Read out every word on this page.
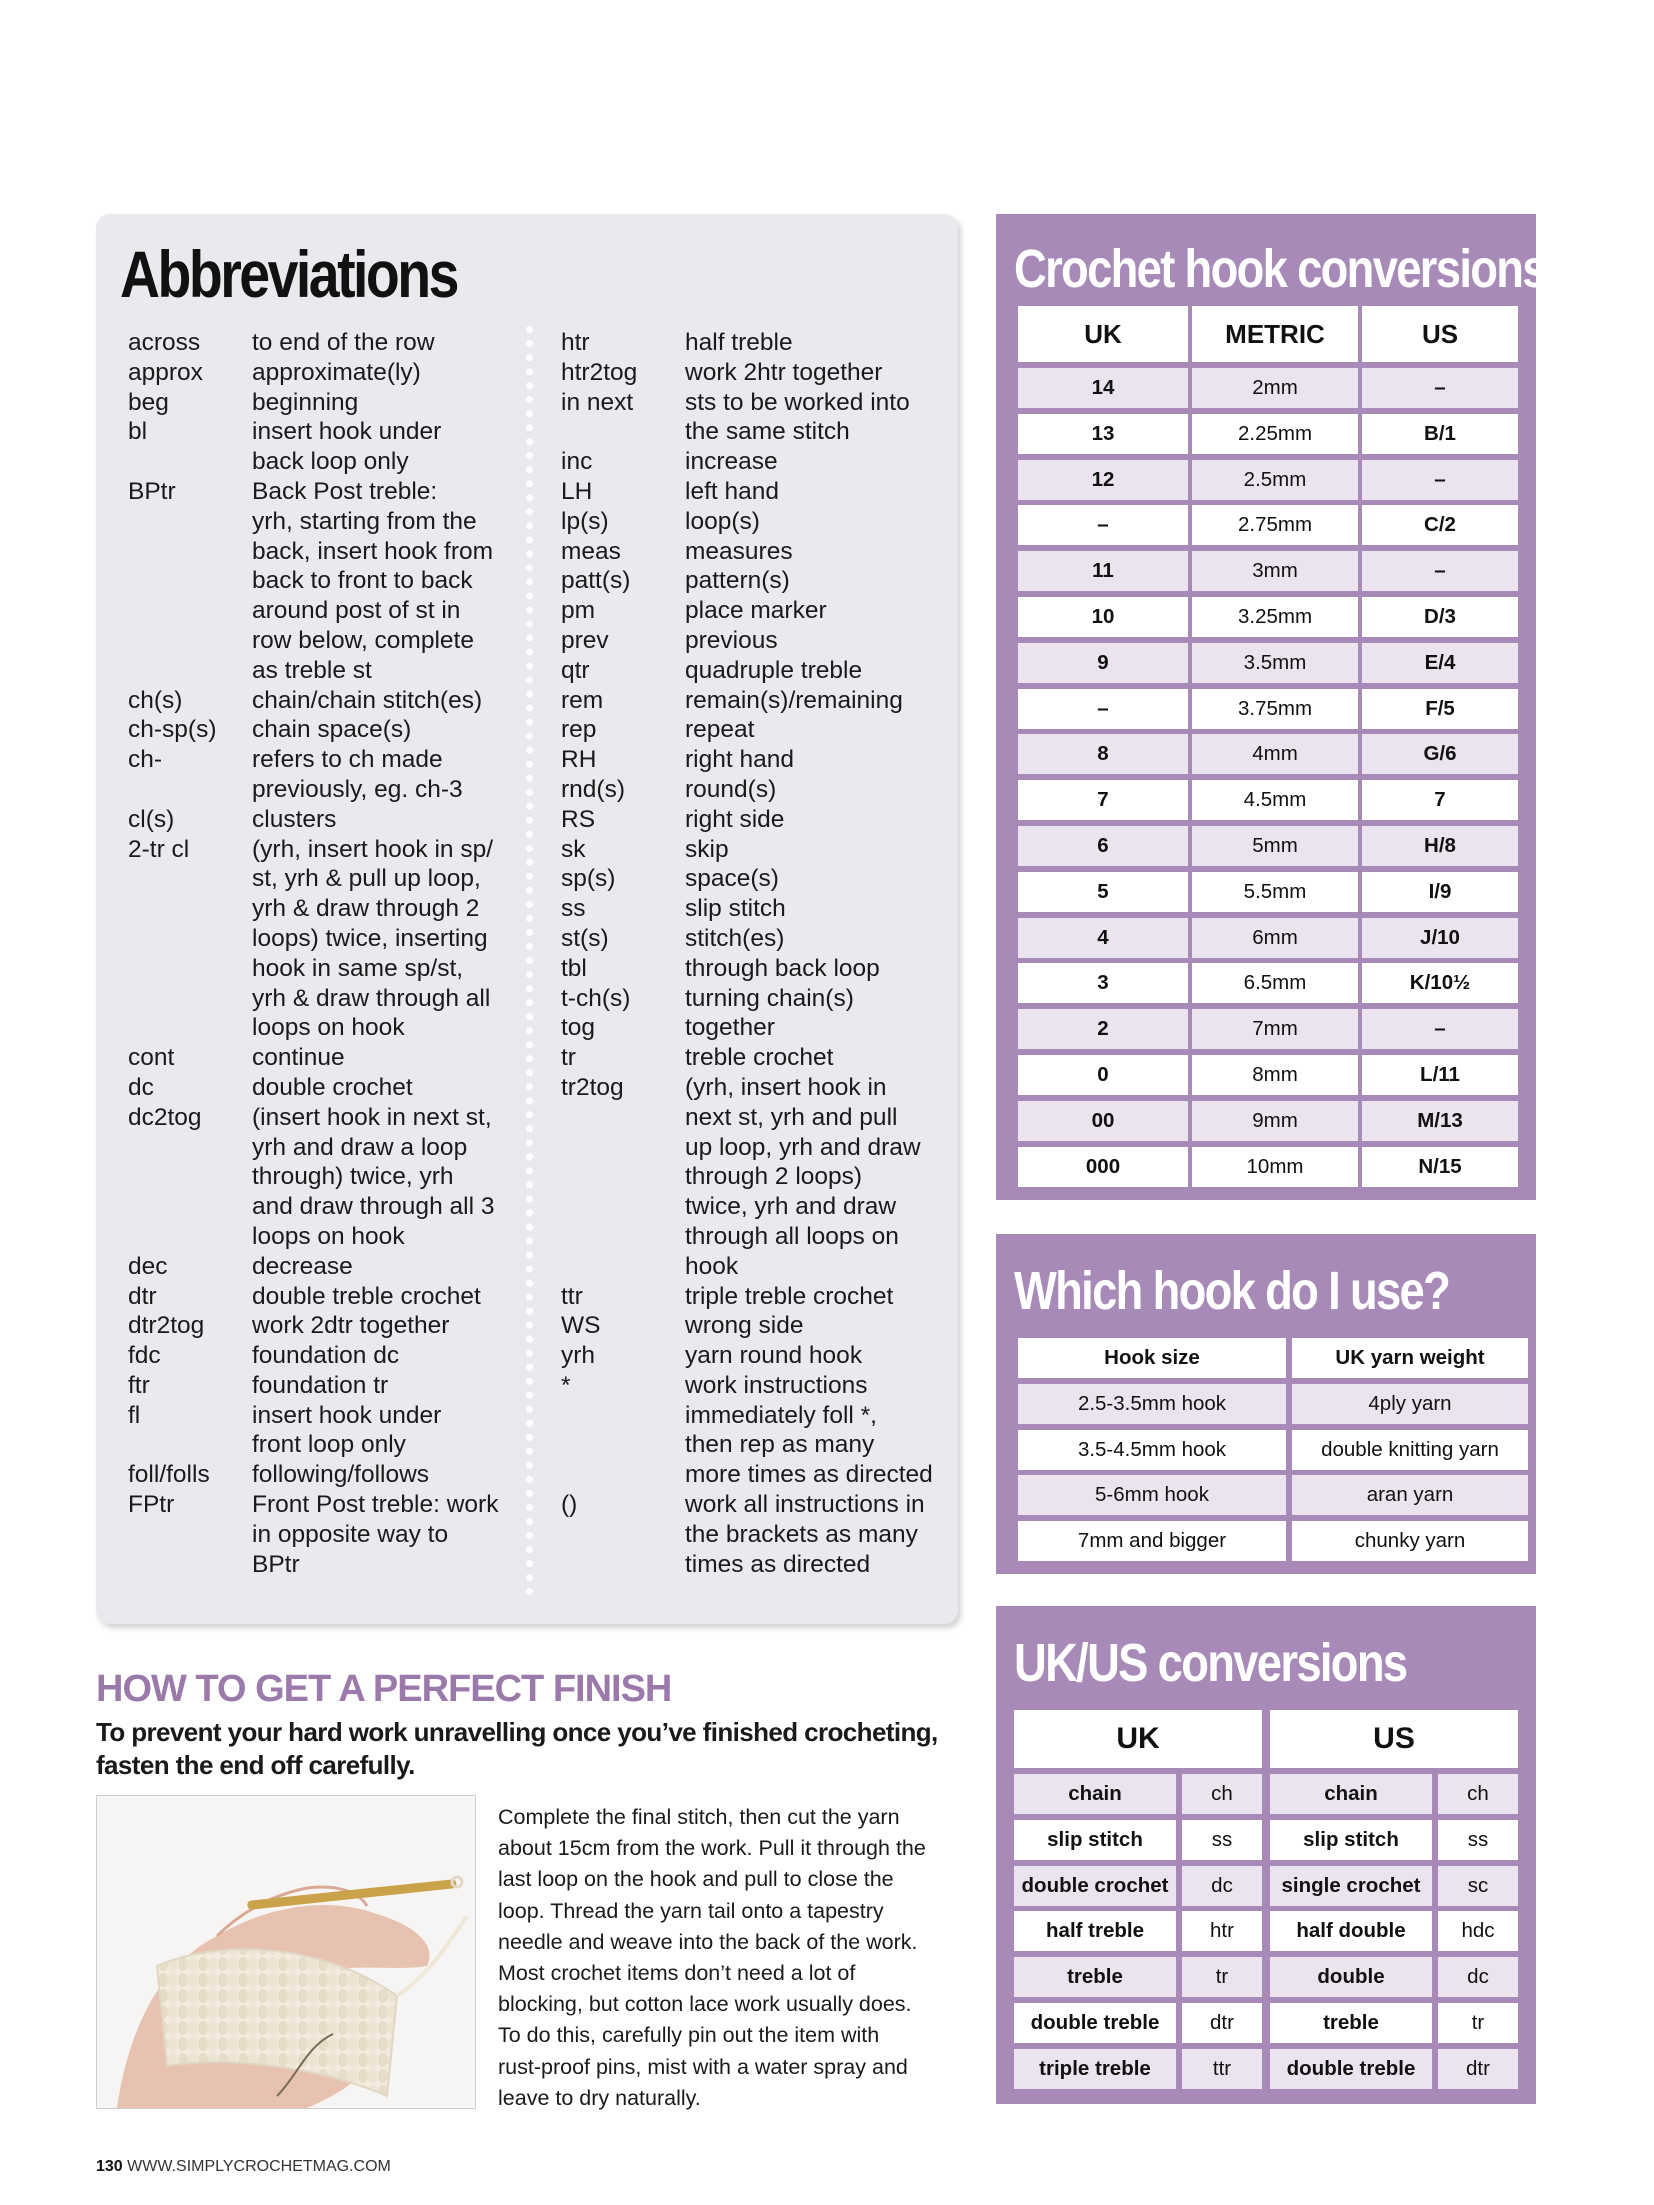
Abbreviations
across	to end of the row
approx	approximate(ly)
beg	beginning
bl	insert hook under
back loop only
BPtr	Back Post treble:
yrh, starting from the
back, insert hook from
back to front to back
around post of st in
row below, complete
as treble st
ch(s)	chain/chain stitch(es)
ch-sp(s)	chain space(s)
ch-	refers to ch made
previously, eg. ch-3
cl(s)	clusters
2-tr cl	(yrh, insert hook in sp/
st, yrh & pull up loop,
yrh & draw through 2
loops) twice, inserting
hook in same sp/st,
yrh & draw through all
loops on hook
cont	continue
dc	double crochet
dc2tog	(insert hook in next st,
yrh and draw a loop
through) twice, yrh
and draw through all 3
loops on hook
dec	decrease
dtr	double treble crochet
dtr2tog	work 2dtr together
fdc	foundation dc
ftr	foundation tr
fl	insert hook under
front loop only
foll/folls	following/follows
FPtr	Front Post treble: work
in opposite way to
BPtr
htr	half treble
htr2tog	work 2htr together
in next	sts to be worked into
the same stitch
inc	increase
LH	left hand
lp(s)	loop(s)
meas	measures
patt(s)	pattern(s)
pm	place marker
prev	previous
qtr	quadruple treble
rem	remain(s)/remaining
rep	repeat
RH	right hand
rnd(s)	round(s)
RS	right side
sk	skip
sp(s)	space(s)
ss	slip stitch
st(s)	stitch(es)
tbl	through back loop
t-ch(s)	turning chain(s)
tog	together
tr	treble crochet
tr2tog	(yrh, insert hook in
next st, yrh and pull
up loop, yrh and draw
through 2 loops)
twice, yrh and draw
through all loops on
hook
ttr	triple treble crochet
WS	wrong side
yrh	yarn round hook
*	work instructions
immediately foll *,
then rep as many
more times as directed
()	work all instructions in
the brackets as many
times as directed
Crochet hook conversions
UK	METRIC	US
14	2mm	–
13	2.25mm	B/1
12	2.5mm	–
–	2.75mm	C/2
11	3mm	–
10	3.25mm	D/3
9	3.5mm	E/4
–	3.75mm	F/5
8	4mm	G/6
7	4.5mm	7
6	5mm	H/8
5	5.5mm	I/9
4	6mm	J/10
3	6.5mm	K/10½
2	7mm	–
0	8mm	L/11
00	9mm	M/13
000	10mm	N/15
Which hook do I use?
Hook size	UK yarn weight
2.5-3.5mm hook	4ply yarn
3.5-4.5mm hook	double knitting yarn
5-6mm hook	aran yarn
7mm and bigger	chunky yarn
UK/US conversions
UK	US
chain	ch	chain	ch
slip stitch	ss	slip stitch	ss
double crochet	dc	single crochet	sc
half treble	htr	half double	hdc
treble	tr	double	dc
double treble	dtr	treble	tr
triple treble	ttr	double treble	dtr
HOW TO GET A PERFECT FINISH
To prevent your hard work unravelling once you’ve finished crocheting,
fasten the end off carefully.
Complete the final stitch, then cut the yarn
about 15cm from the work. Pull it through the
last loop on the hook and pull to close the
loop. Thread the yarn tail onto a tapestry
needle and weave into the back of the work.
Most crochet items don’t need a lot of
blocking, but cotton lace work usually does.
To do this, carefully pin out the item with
rust-proof pins, mist with a water spray and
leave to dry naturally.
130 WWW.SIMPLYCROCHETMAG.COM
